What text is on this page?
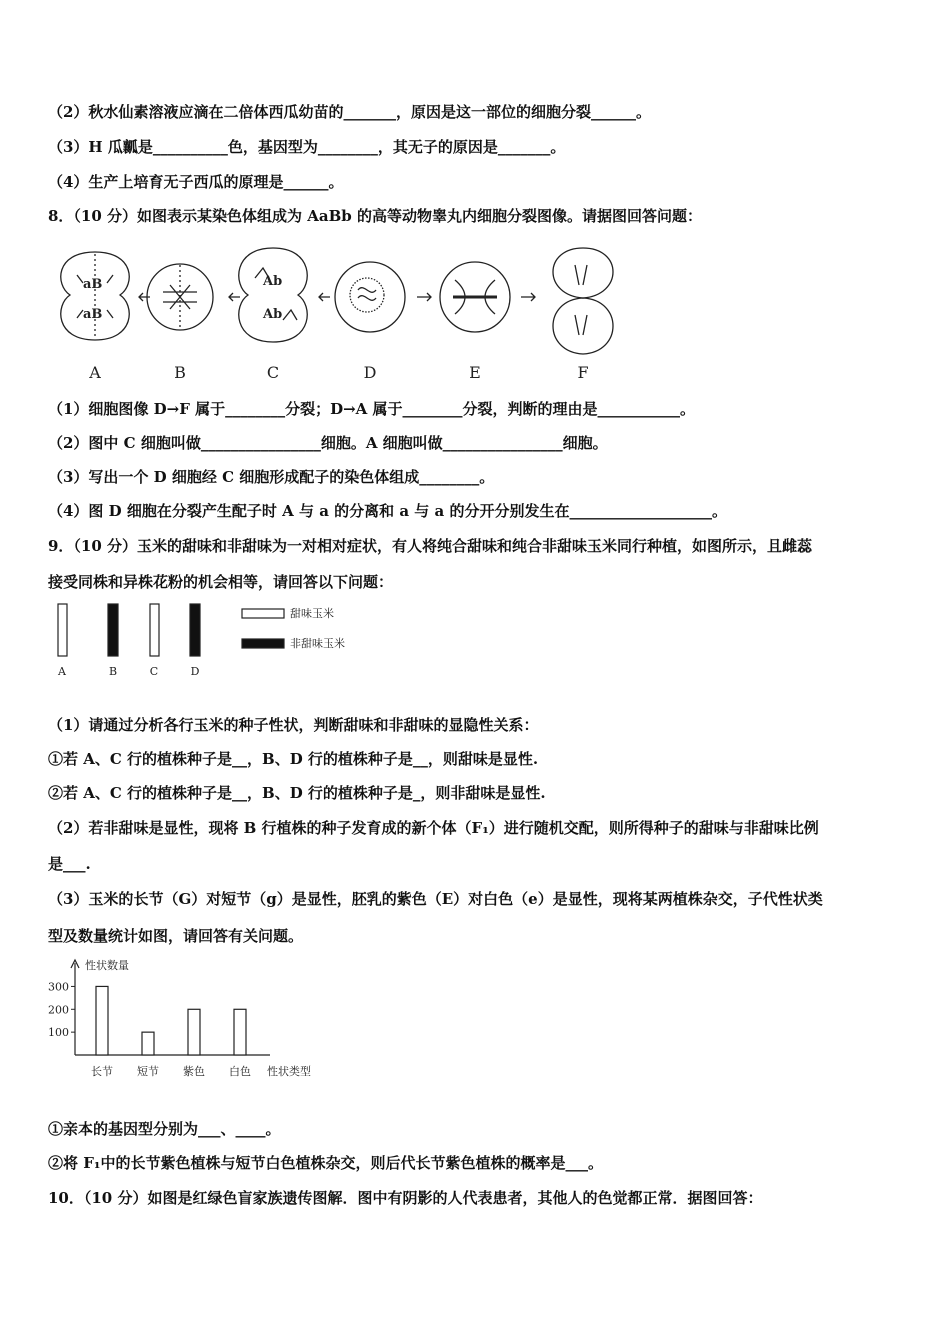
（2）秋水仙素溶液应滴在二倍体西瓜幼苗的_______，原因是这一部位的细胞分裂______。
（3）H 瓜瓤是__________色，基因型为________，其无子的原因是_______。
（4）生产上培育无子西瓜的原理是______。
8．（10 分）如图表示某染色体组成为 AaBb 的高等动物睾丸内细胞分裂图像。请据图回答问题：
aB
aB
Ab
Ab
A	B	C	D	E	F
（1）细胞图像 D→F 属于________分裂；D→A 属于________分裂，判断的理由是___________。
（2）图中 C 细胞叫做________________细胞。A 细胞叫做________________细胞。
（3）写出一个 D 细胞经 C 细胞形成配子的染色体组成________。
（4）图 D 细胞在分裂产生配子时 A 与 a 的分离和 a 与 a 的分开分别发生在___________________。
9．（10 分）玉米的甜味和非甜味为一对相对症状，有人将纯合甜味和纯合非甜味玉米同行种植，如图所示，且雌蕊
接受同株和异株花粉的机会相等，请回答以下问题：
A	B	C	D
甜味玉米
非甜味玉米
（1）请通过分析各行玉米的种子性状，判断甜味和非甜味的显隐性关系：
①若 A、C 行的植株种子是__，B、D 行的植株种子是__，则甜味是显性.
②若 A、C 行的植株种子是__，B、D 行的植株种子是_，则非甜味是显性.
（2）若非甜味是显性，现将 B 行植株的种子发育成的新个体（F₁）进行随机交配，则所得种子的甜味与非甜味比例
是___.
（3）玉米的长节（G）对短节（g）是显性，胚乳的紫色（E）对白色（e）是显性，现将某两植株杂交，子代性状类
型及数量统计如图，请回答有关问题。
性状数量
性状类型
100
200
300
长节 短节 紫色 白色
①亲本的基因型分别为___、____。
②将 F₁中的长节紫色植株与短节白色植株杂交，则后代长节紫色植株的概率是___。
10．（10 分）如图是红绿色盲家族遗传图解．图中有阴影的人代表患者，其他人的色觉都正常．据图回答：
